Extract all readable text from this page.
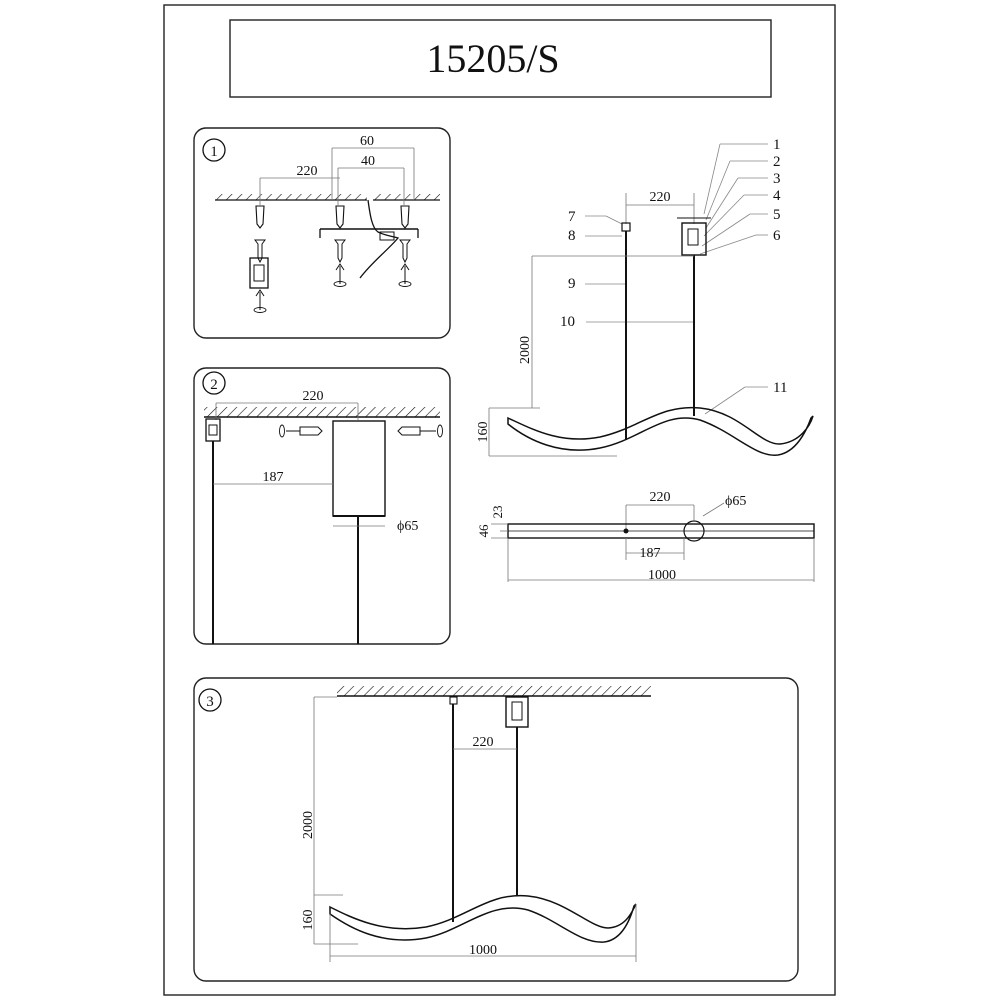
15205/S
1
60
40
220
2
220
187
ϕ65
1
2
3
4
5
6
7
8
9
10
11
220
2000
160
220	ϕ65
23
46
187
1000
3
220
2000
160
1000
